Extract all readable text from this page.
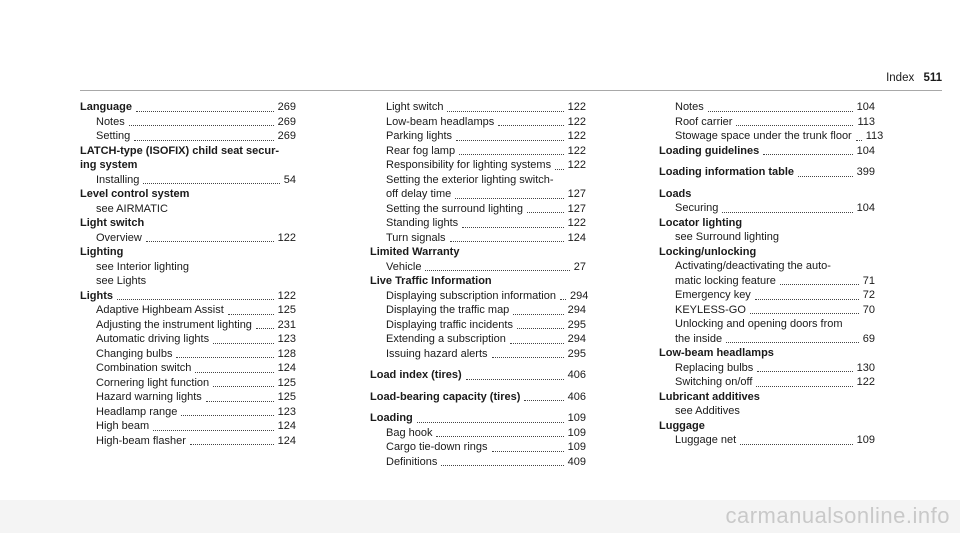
Index 511
Language	269
Notes	269
Setting	269
LATCH-type (ISOFIX) child seat secur-
ing system
Installing	54
Level control system
see AIRMATIC
Light switch
Overview	122
Lighting
see Interior lighting
see Lights
Lights	122
Adaptive Highbeam Assist	125
Adjusting the instrument lighting 231
Automatic driving lights	123
Changing bulbs	128
Combination switch	124
Cornering light function	125
Hazard warning lights	125
Headlamp range	123
High beam	124
High-beam flasher	124
Light switch	122
Low-beam headlamps	122
Parking lights	122
Rear fog lamp	122
Responsibility for lighting systems 122
Setting the exterior lighting switch-
off delay time	127
Setting the surround lighting	127
Standing lights	122
Turn signals	124
Limited Warranty
Vehicle	27
Live Traffic Information
Displaying subscription information 294
Displaying the traffic map	294
Displaying traffic incidents	295
Extending a subscription	294
Issuing hazard alerts	295
Load index (tires)	406
Load-bearing capacity (tires)	406
Loading	109
Bag hook	109
Cargo tie-down rings	109
Definitions	409
Notes	104
Roof carrier	113
Stowage space under the trunk floor 113
Loading guidelines	104
Loading information table	399
Loads
Securing	104
Locator lighting
see Surround lighting
Locking/unlocking
Activating/deactivating the auto-
matic locking feature	71
Emergency key	72
KEYLESS-GO	70
Unlocking and opening doors from
the inside	69
Low-beam headlamps
Replacing bulbs	130
Switching on/off	122
Lubricant additives
see Additives
Luggage
Luggage net	109
carmanualsonline.info
